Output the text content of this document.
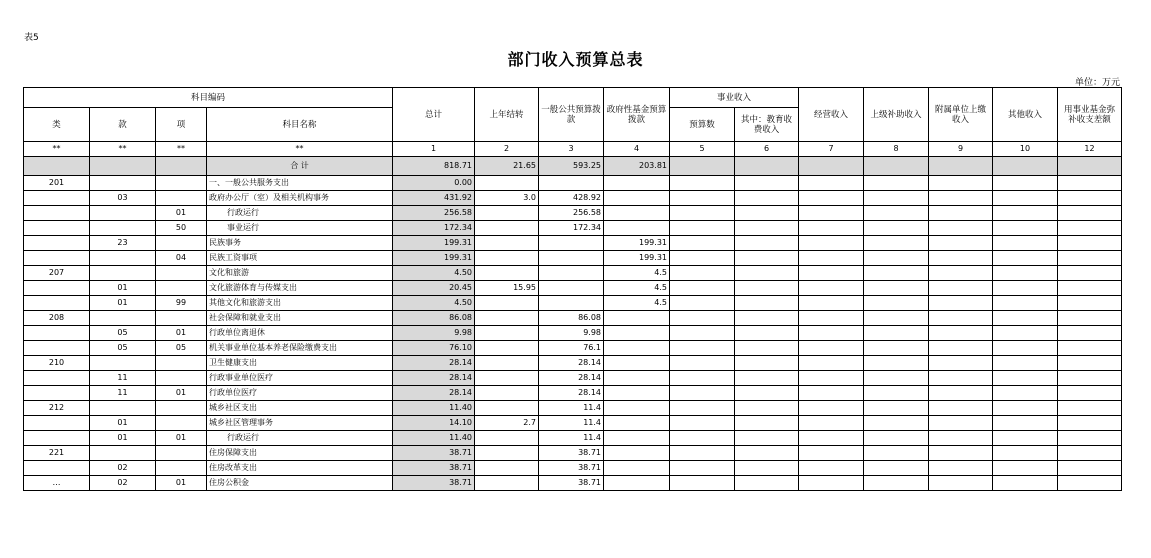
表5
部门收入预算总表
单位：万元
科目编码				总计	上年结转	一般公共预算拨款	政府性基金预算拨款	事业收入		经营收入	上级补助收入	附属单位上缴收入	其他收入	用事业基金弥补收支差额
类	款	项	科目名称					预算数	其中：教育收费收入					
**	**	**	**	1	2	3	4	5	6	7	8	9	10	12
			合 计	818.71	21.65	593.25	203.81							
201			一、一般公共服务支出	0.00										
	03		政府办公厅（室）及相关机构事务	431.92	3.0	428.92								
		01	行政运行	256.58		256.58								
		50	事业运行	172.34		172.34								
	23		民族事务	199.31			199.31							
		04	民族工资事项	199.31			199.31							
207			文化和旅游	4.50			4.5							
	01		文化旅游体育与传媒支出	20.45	15.95		4.5							
	01	99	其他文化和旅游支出	4.50			4.5							
208			社会保障和就业支出	86.08		86.08								
	05	01	行政单位离退休	9.98		9.98								
	05	05	机关事业单位基本养老保险缴费支出	76.10		76.1								
210			卫生健康支出	28.14		28.14								
	11		行政事业单位医疗	28.14		28.14								
	11	01	行政单位医疗	28.14		28.14								
212			城乡社区支出	11.40		11.4								
	01		城乡社区管理事务	14.10	2.7	11.4								
	01	01	行政运行	11.40		11.4								
221			住房保障支出	38.71		38.71								
	02		住房改革支出	38.71		38.71								
…	02	01	住房公积金	38.71		38.71								
